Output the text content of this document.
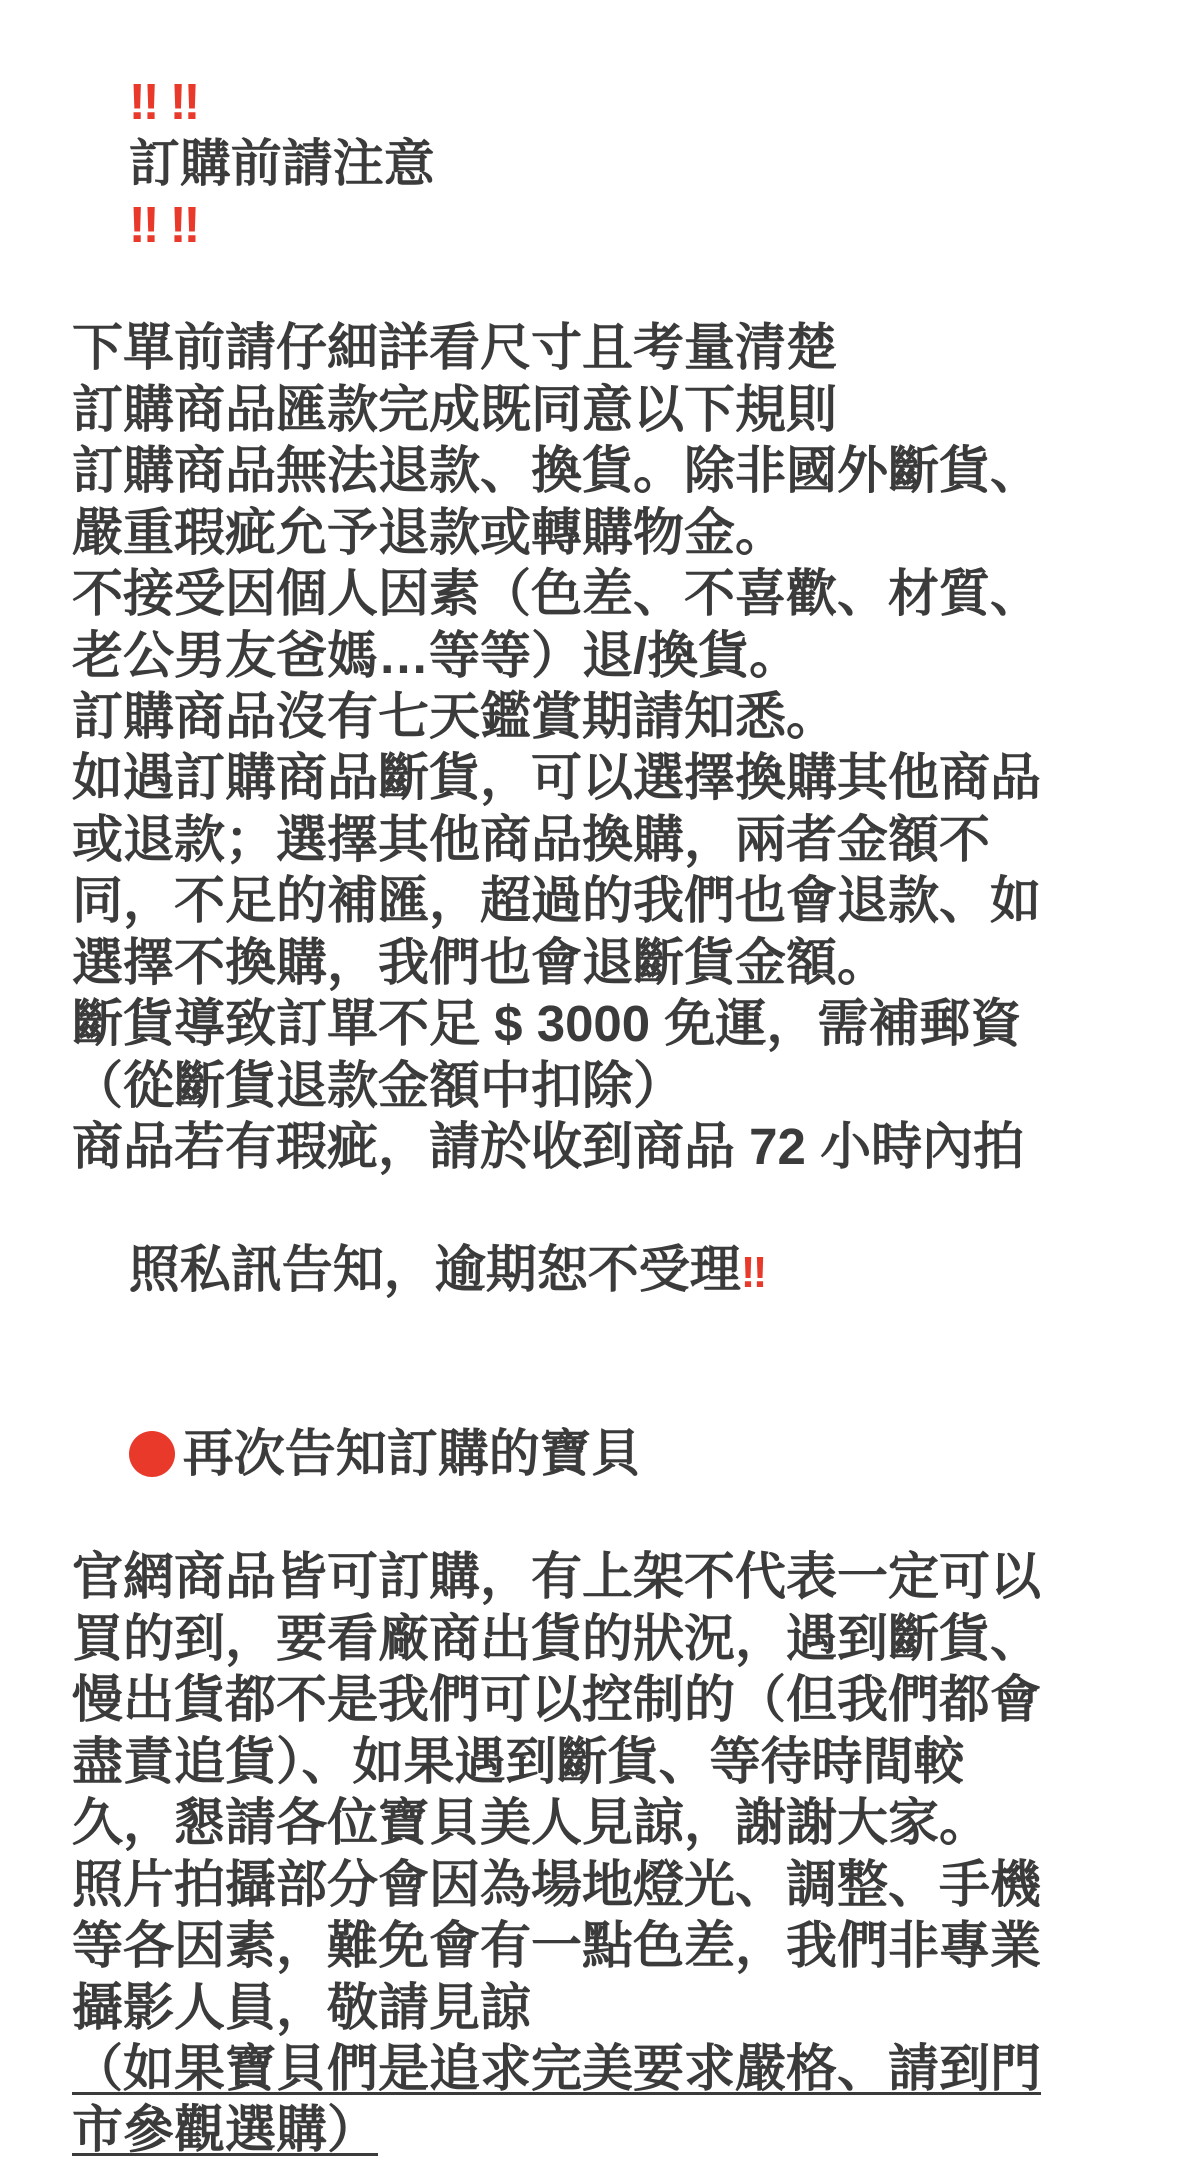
‼ ‼
訂購前請注意
‼ ‼

下單前請仔細詳看尺寸且考量清楚
訂購商品匯款完成既同意以下規則
訂購商品無法退款、換貨。除非國外斷貨、
嚴重瑕疵允予退款或轉購物金。
不接受因個人因素（色差、不喜歡、材質、
老公男友爸媽…等等）退/換貨。
訂購商品沒有七天鑑賞期請知悉。
如遇訂購商品斷貨，可以選擇換購其他商品
或退款；選擇其他商品換購，兩者金額不
同，不足的補匯，超過的我們也會退款、如
選擇不換購，我們也會退斷貨金額。
斷貨導致訂單不足 $ 3000 免運，需補郵資
（從斷貨退款金額中扣除）
商品若有瑕疵，請於收到商品 72 小時內拍

照私訊告知，逾期恕不受理‼

再次告知訂購的寶貝

官網商品皆可訂購，有上架不代表一定可以
買的到，要看廠商出貨的狀況，遇到斷貨、
慢出貨都不是我們可以控制的（但我們都會
盡責追貨）、如果遇到斷貨、等待時間較
久，懇請各位寶貝美人見諒，謝謝大家。
照片拍攝部分會因為場地燈光、調整、手機
等各因素，難免會有一點色差，我們非專業
攝影人員，敬請見諒
（如果寶貝們是追求完美要求嚴格、請到門
市參觀選購）
